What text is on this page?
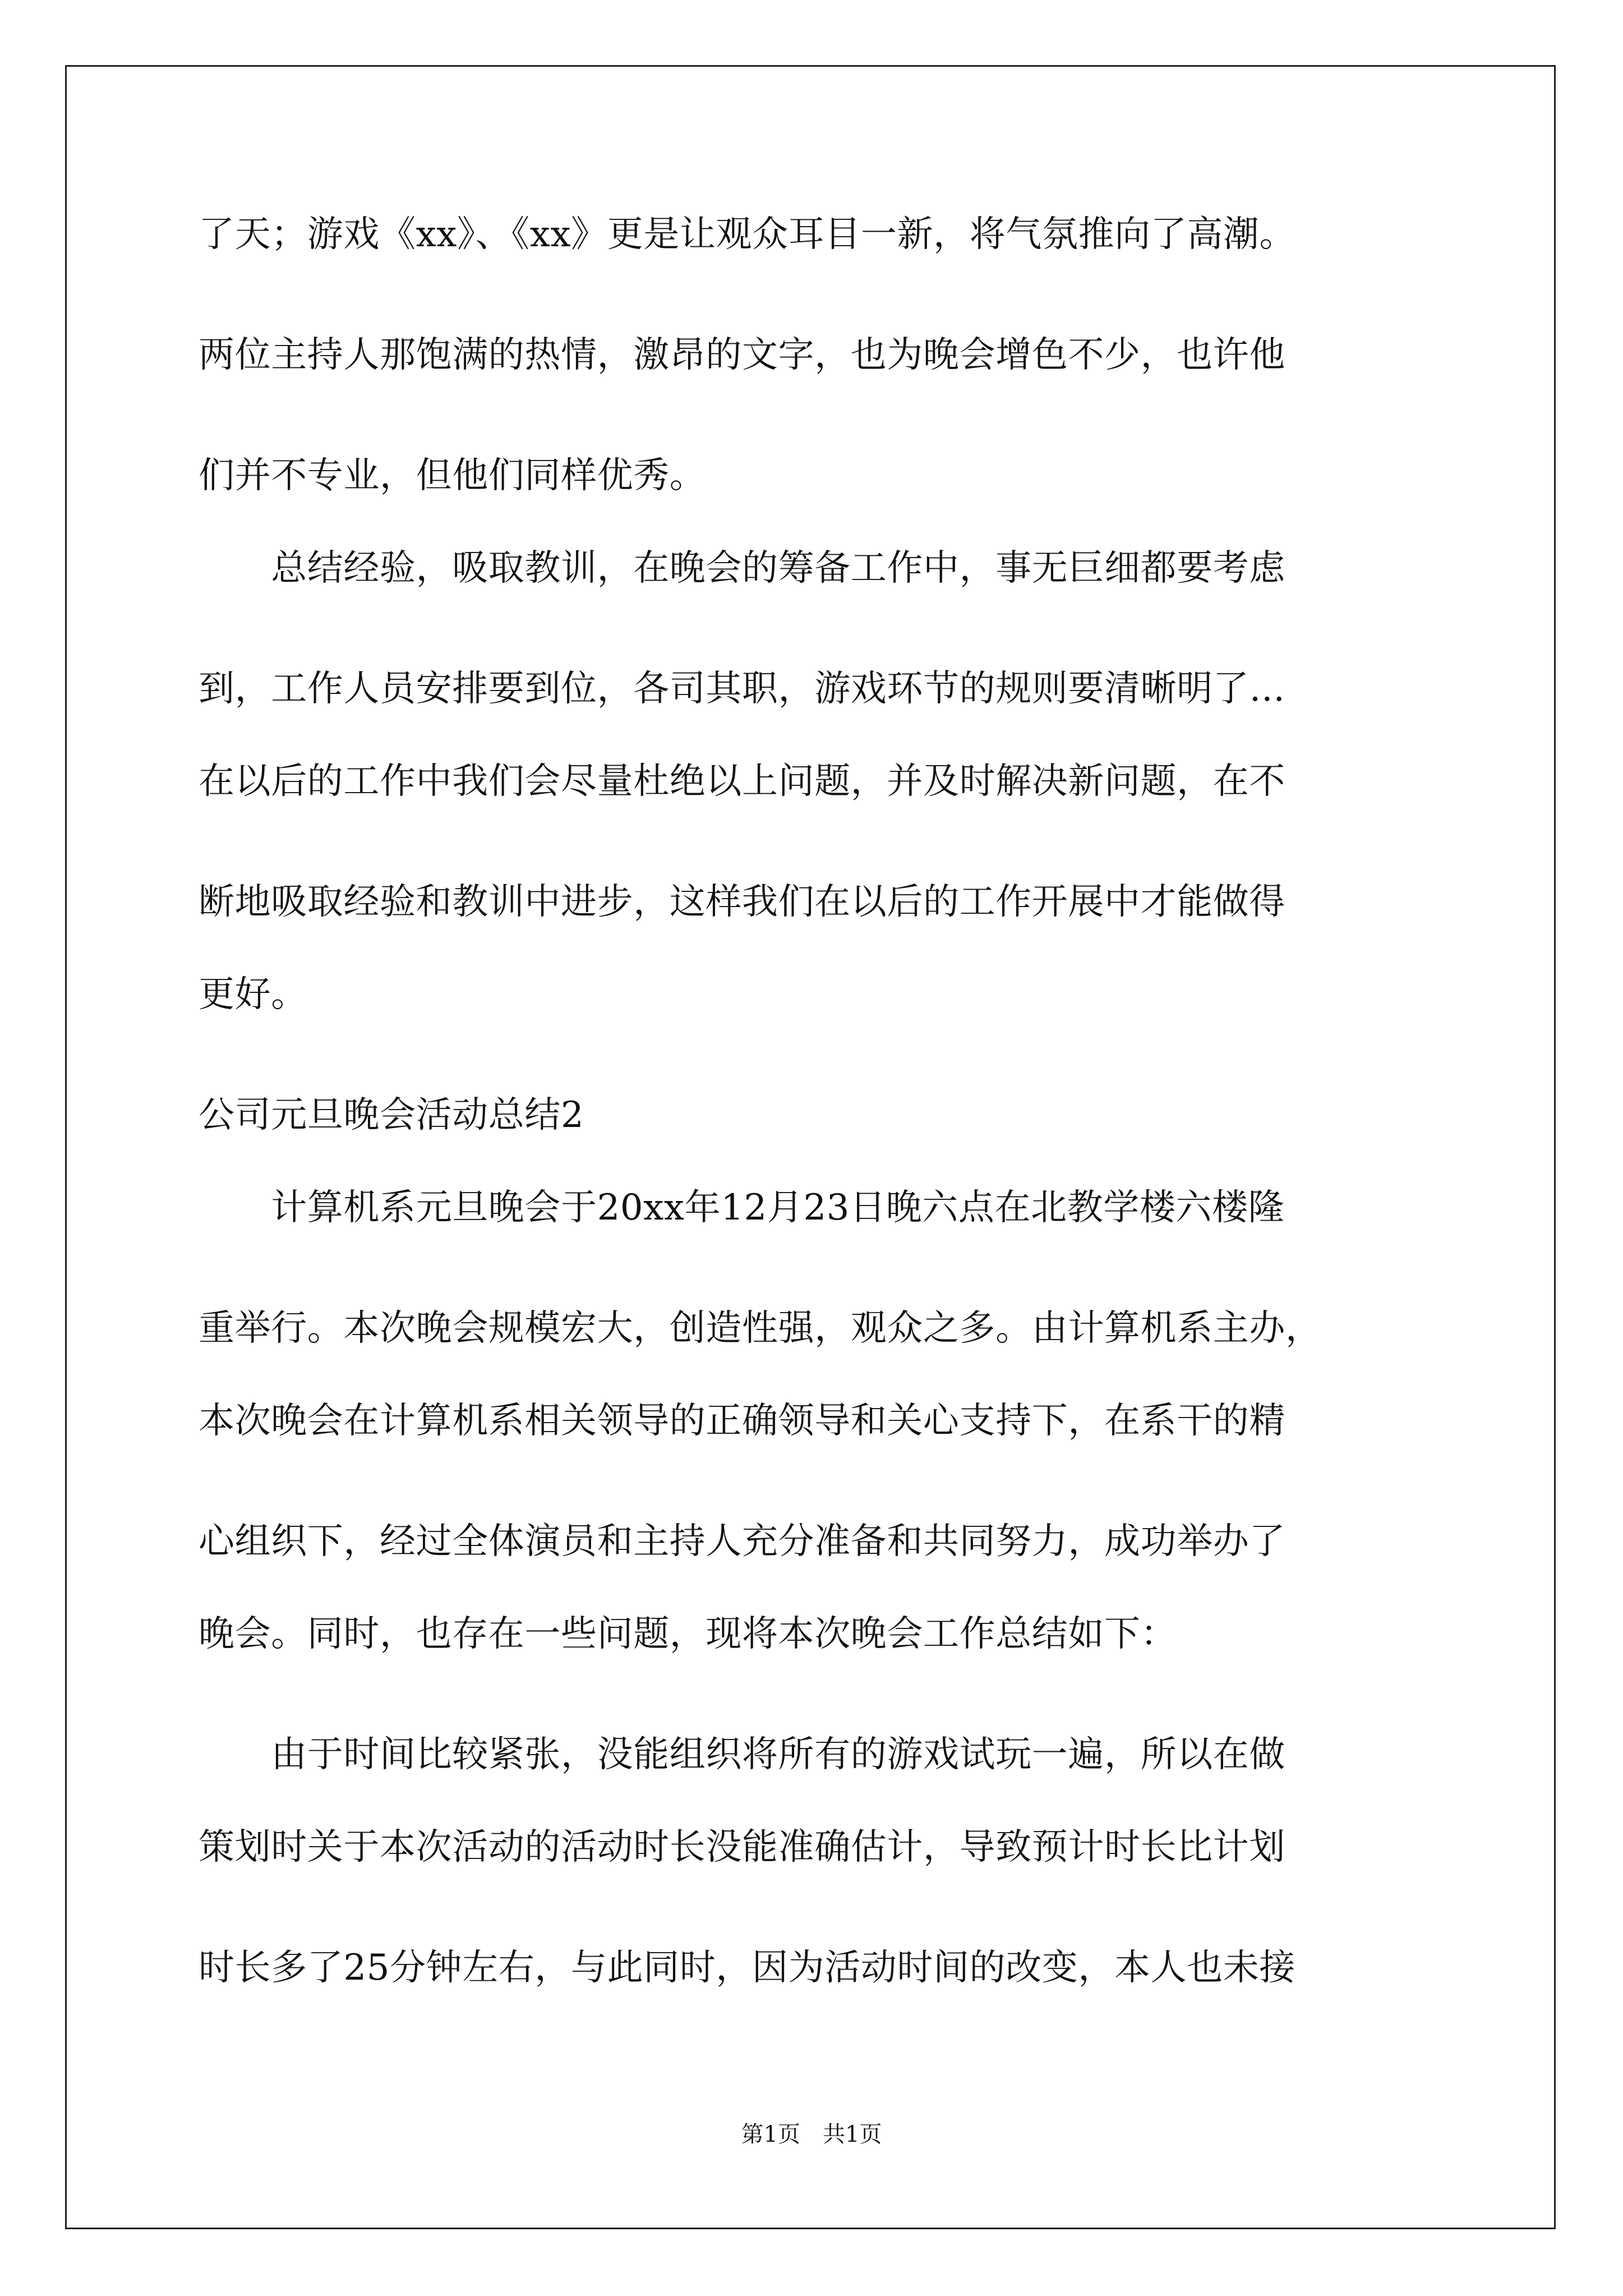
了天；游戏《xx》、《xx》更是让观众耳目一新，将气氛推向了高潮。
两位主持人那饱满的热情，激昂的文字，也为晚会增色不少，也许他
们并不专业，但他们同样优秀。
　　总结经验，吸取教训，在晚会的筹备工作中，事无巨细都要考虑
到，工作人员安排要到位，各司其职，游戏环节的规则要清晰明了…
在以后的工作中我们会尽量杜绝以上问题，并及时解决新问题，在不
断地吸取经验和教训中进步，这样我们在以后的工作开展中才能做得
更好。
公司元旦晚会活动总结2
　　计算机系元旦晚会于20xx年12月23日晚六点在北教学楼六楼隆
重举行。本次晚会规模宏大，创造性强，观众之多。由计算机系主办，
本次晚会在计算机系相关领导的正确领导和关心支持下，在系干的精
心组织下，经过全体演员和主持人充分准备和共同努力，成功举办了
晚会。同时，也存在一些问题，现将本次晚会工作总结如下：
　　由于时间比较紧张，没能组织将所有的游戏试玩一遍，所以在做
策划时关于本次活动的活动时长没能准确估计，导致预计时长比计划
时长多了25分钟左右，与此同时，因为活动时间的改变，本人也未接
第1页　共1页
